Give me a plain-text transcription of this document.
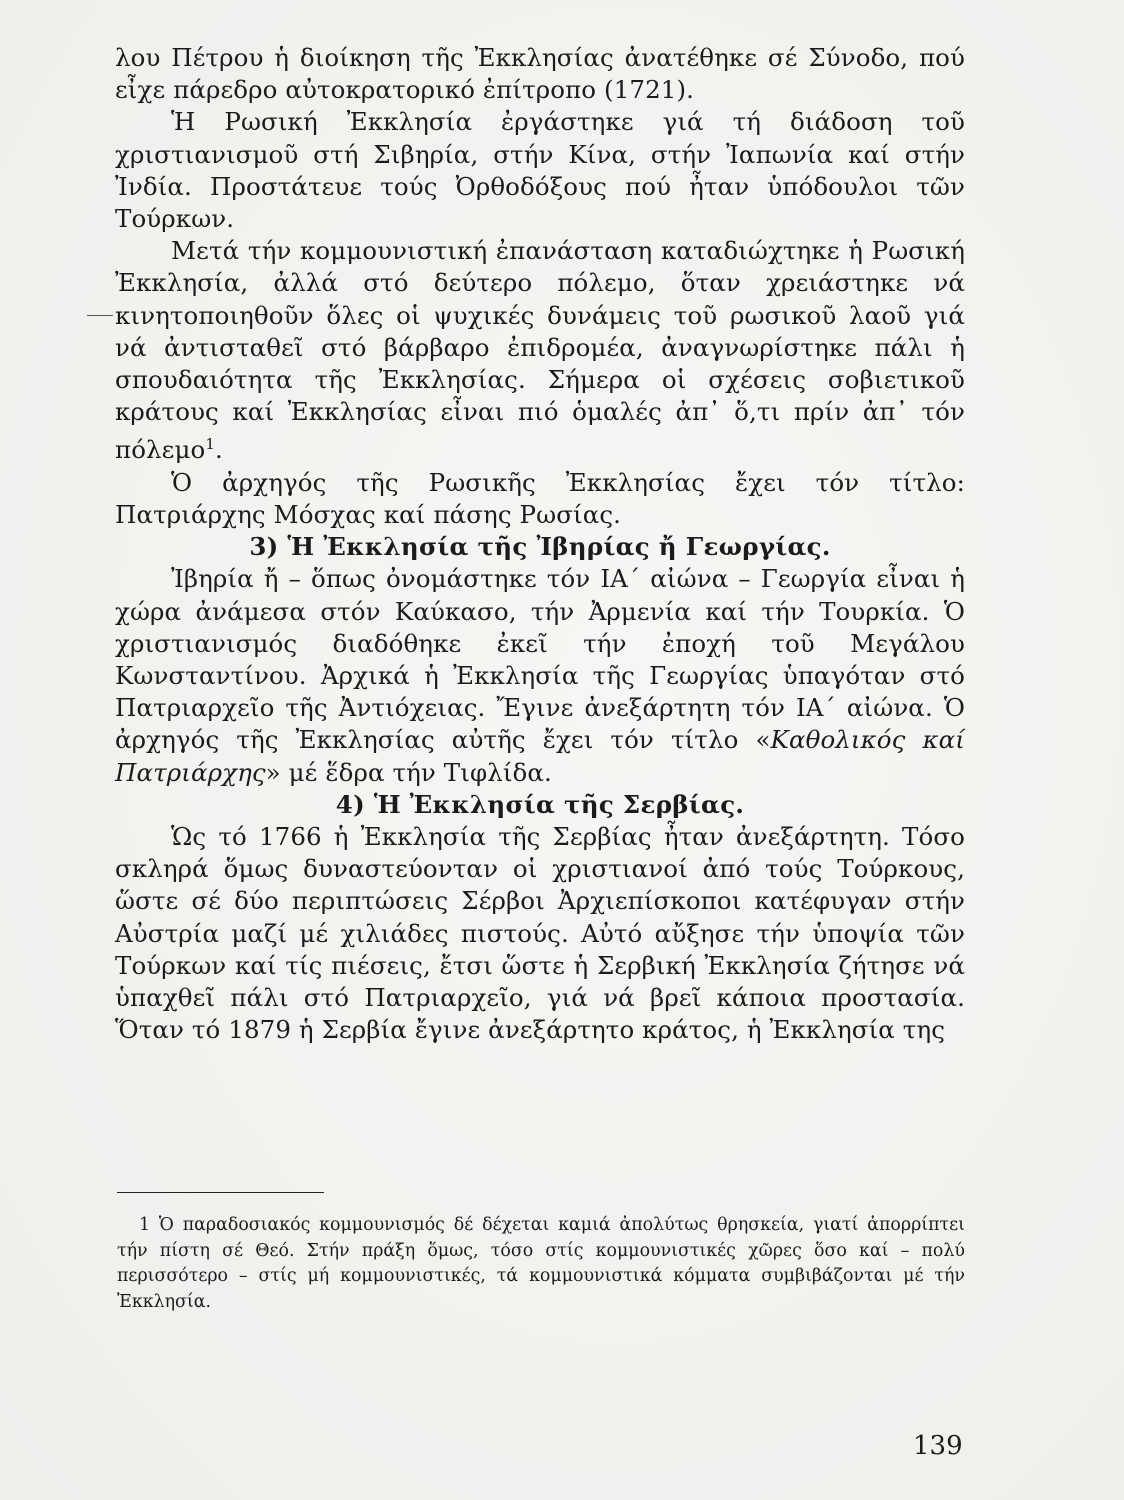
λου Πέτρου ἡ διοίκηση τῆς Ἐκκλησίας ἀνατέθηκε σέ Σύνοδο, πού εἶχε πάρεδρο αὐτοκρατορικό ἐπίτροπο (1721).

Ἡ Ρωσική Ἐκκλησία ἐργάστηκε γιά τή διάδοση τοῦ χριστιανισμοῦ στή Σιβηρία, στήν Κίνα, στήν Ἰαπωνία καί στήν Ἰνδία. Προστάτευε τούς Ὀρθοδόξους πού ἦταν ὑπόδουλοι τῶν Τούρκων.

Μετά τήν κομμουνιστική ἐπανάσταση καταδιώχτηκε ἡ Ρωσική Ἐκκλησία, ἀλλά στό δεύτερο πόλεμο, ὅταν χρειάστηκε νά κινητοποιηθοῦν ὅλες οἱ ψυχικές δυνάμεις τοῦ ρωσικοῦ λαοῦ γιά νά ἀντισταθεῖ στό βάρβαρο ἐπιδρομέα, ἀναγνωρίστηκε πάλι ἡ σπουδαιότητα τῆς Ἐκκλησίας. Σήμερα οἱ σχέσεις σοβιετικοῦ κράτους καί Ἐκκλησίας εἶναι πιό ὁμαλές ἀπ᾽ ὅ,τι πρίν ἀπ᾽ τόν πόλεμο$^1$.

Ὁ ἀρχηγός τῆς Ρωσικῆς Ἐκκλησίας ἔχει τόν τίτλο: Πατριάρχης Μόσχας καί πάσης Ρωσίας.

3) Ἡ Ἐκκλησία τῆς Ἰβηρίας ἤ Γεωργίας.

Ἰβηρία ἤ – ὅπως ὀνομάστηκε τόν ΙΑ΄ αἰώνα – Γεωργία εἶναι ἡ χώρα ἀνάμεσα στόν Καύκασο, τήν Ἀρμενία καί τήν Τουρκία. Ὁ χριστιανισμός διαδόθηκε ἐκεῖ τήν ἐποχή τοῦ Μεγάλου Κωνσταντίνου. Ἀρχικά ἡ Ἐκκλησία τῆς Γεωργίας ὑπαγόταν στό Πατριαρχεῖο τῆς Ἀντιόχειας. Ἔγινε ἀνεξάρτητη τόν ΙΑ΄ αἰώνα. Ὁ ἀρχηγός τῆς Ἐκκλησίας αὐτῆς ἔχει τόν τίτλο «Καθολικός καί Πατριάρχης» μέ ἕδρα τήν Τιφλίδα.

4) Ἡ Ἐκκλησία τῆς Σερβίας.

Ὡς τό 1766 ἡ Ἐκκλησία τῆς Σερβίας ἦταν ἀνεξάρτητη. Τόσο σκληρά ὅμως δυναστεύονταν οἱ χριστιανοί ἀπό τούς Τούρκους, ὥστε σέ δύο περιπτώσεις Σέρβοι Ἀρχιεπίσκοποι κατέφυγαν στήν Αὐστρία μαζί μέ χιλιάδες πιστούς. Αὐτό αὔξησε τήν ὑποψία τῶν Τούρκων καί τίς πιέσεις, ἔτσι ὥστε ἡ Σερβική Ἐκκλησία ζήτησε νά ὑπαχθεῖ πάλι στό Πατριαρχεῖο, γιά νά βρεῖ κάποια προστασία. Ὅταν τό 1879 ἡ Σερβία ἔγινε ἀνεξάρτητο κράτος, ἡ Ἐκκλησία της

1 Ὁ παραδοσιακός κομμουνισμός δέ δέχεται καμιά ἀπολύτως θρησκεία, γιατί ἀπορρίπτει τήν πίστη σέ Θεό. Στήν πράξη ὅμως, τόσο στίς κομμουνιστικές χῶρες ὅσο καί – πολύ περισσότερο – στίς μή κομμουνιστικές, τά κομμουνιστικά κόμματα συμβιβάζονται μέ τήν Ἐκκλησία.

139
